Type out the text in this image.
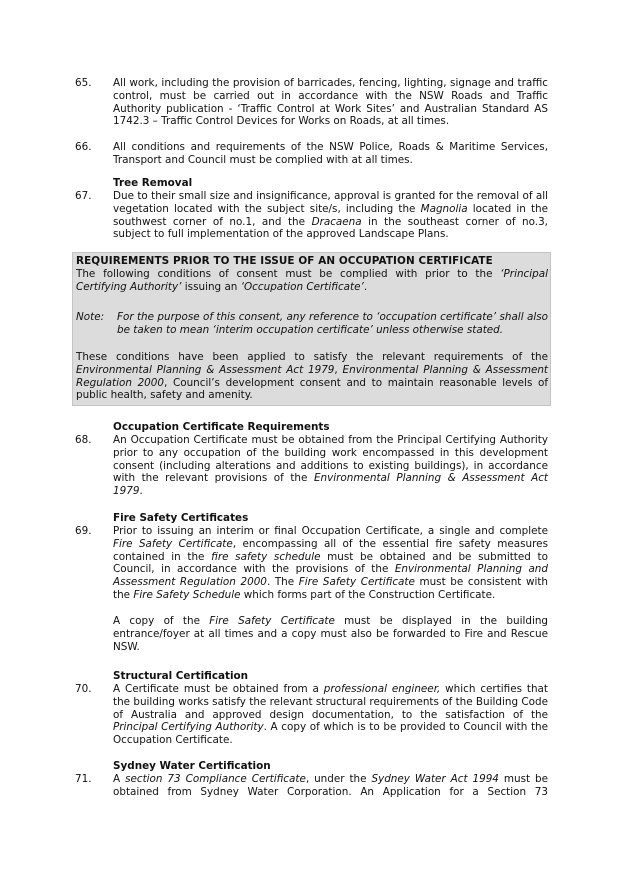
65.	All work, including the provision of barricades, fencing, lighting, signage and traffic control, must be carried out in accordance with the NSW Roads and Traffic Authority publication - ‘Traffic Control at Work Sites’ and Australian Standard AS 1742.3 – Traffic Control Devices for Works on Roads, at all times.
66.	All conditions and requirements of the NSW Police, Roads & Maritime Services, Transport and Council must be complied with at all times.
Tree Removal
67.	Due to their small size and insignificance, approval is granted for the removal of all vegetation located with the subject site/s, including the Magnolia located in the southwest corner of no.1, and the Dracaena in the southeast corner of no.3, subject to full implementation of the approved Landscape Plans.
REQUIREMENTS PRIOR TO THE ISSUE OF AN OCCUPATION CERTIFICATE
The following conditions of consent must be complied with prior to the ‘Principal Certifying Authority’ issuing an ‘Occupation Certificate’.
Note: For the purpose of this consent, any reference to ‘occupation certificate’ shall also be taken to mean ‘interim occupation certificate’ unless otherwise stated.
These conditions have been applied to satisfy the relevant requirements of the Environmental Planning & Assessment Act 1979, Environmental Planning & Assessment Regulation 2000, Council’s development consent and to maintain reasonable levels of public health, safety and amenity.
Occupation Certificate Requirements
68.	An Occupation Certificate must be obtained from the Principal Certifying Authority prior to any occupation of the building work encompassed in this development consent (including alterations and additions to existing buildings), in accordance with the relevant provisions of the Environmental Planning & Assessment Act 1979.
Fire Safety Certificates
69.	Prior to issuing an interim or final Occupation Certificate, a single and complete Fire Safety Certificate, encompassing all of the essential fire safety measures contained in the fire safety schedule must be obtained and be submitted to Council, in accordance with the provisions of the Environmental Planning and Assessment Regulation 2000. The Fire Safety Certificate must be consistent with the Fire Safety Schedule which forms part of the Construction Certificate.
A copy of the Fire Safety Certificate must be displayed in the building entrance/foyer at all times and a copy must also be forwarded to Fire and Rescue NSW.
Structural Certification
70.	A Certificate must be obtained from a professional engineer, which certifies that the building works satisfy the relevant structural requirements of the Building Code of Australia and approved design documentation, to the satisfaction of the Principal Certifying Authority. A copy of which is to be provided to Council with the Occupation Certificate.
Sydney Water Certification
71.	A section 73 Compliance Certificate, under the Sydney Water Act 1994 must be obtained from Sydney Water Corporation. An Application for a Section 73
